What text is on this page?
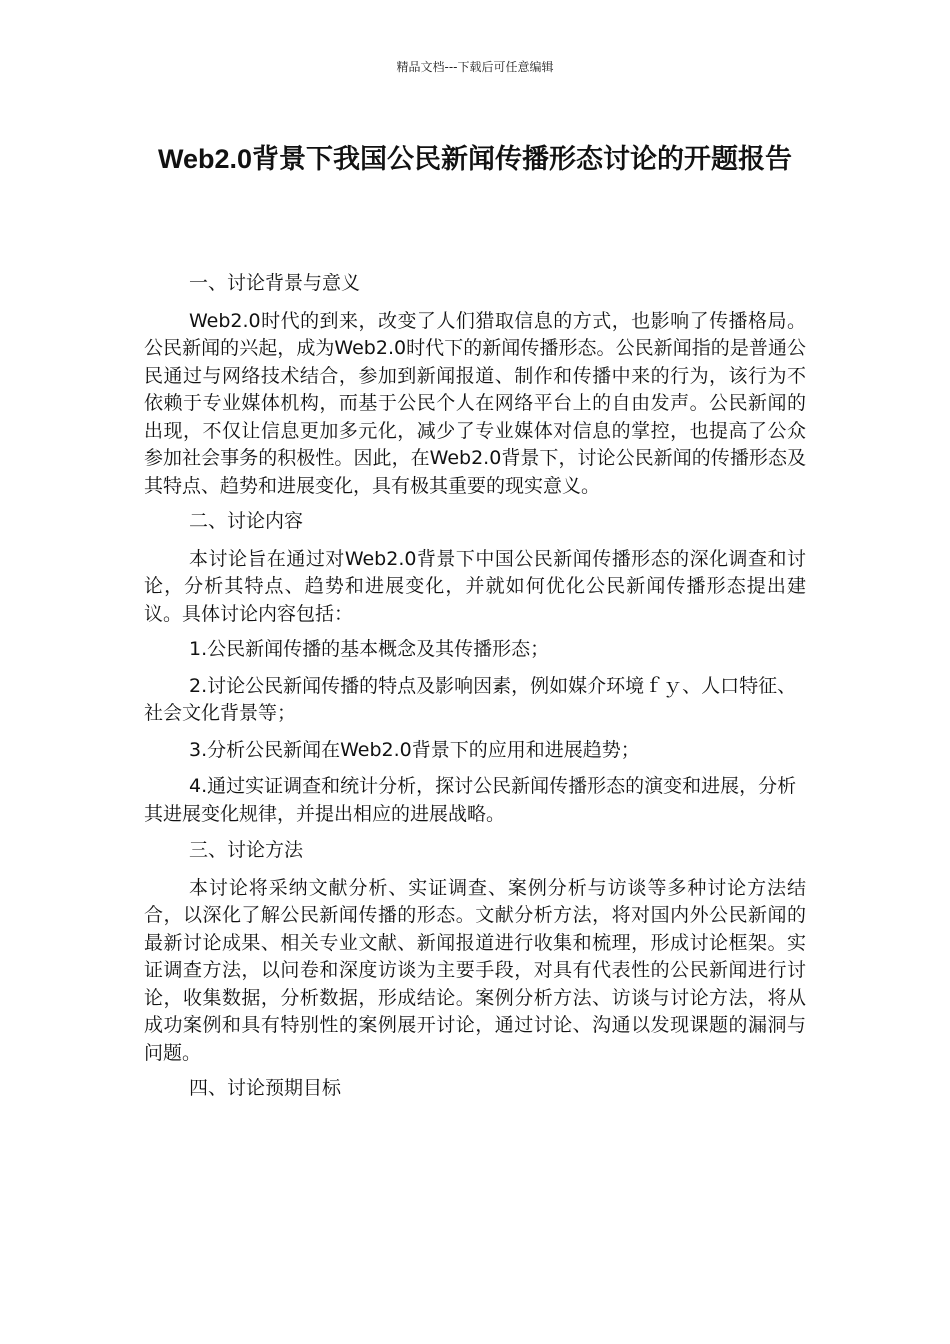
精品文档---下载后可任意编辑
Web2.0背景下我国公民新闻传播形态讨论的开题报告

一、讨论背景与意义

Web2.0时代的到来，改变了人们猎取信息的方式，也影响了传播格局。公民新闻的兴起，成为Web2.0时代下的新闻传播形态。公民新闻指的是普通公民通过与网络技术结合，参加到新闻报道、制作和传播中来的行为，该行为不依赖于专业媒体机构，而基于公民个人在网络平台上的自由发声。公民新闻的出现，不仅让信息更加多元化，减少了专业媒体对信息的掌控，也提高了公众参加社会事务的积极性。因此，在Web2.0背景下，讨论公民新闻的传播形态及其特点、趋势和进展变化，具有极其重要的现实意义。

二、讨论内容

本讨论旨在通过对Web2.0背景下中国公民新闻传播形态的深化调查和讨论，分析其特点、趋势和进展变化，并就如何优化公民新闻传播形态提出建议。具体讨论内容包括：

1.公民新闻传播的基本概念及其传播形态；

2.讨论公民新闻传播的特点及影响因素，例如媒介环境ｆｙ、人口特征、社会文化背景等；

3.分析公民新闻在Web2.0背景下的应用和进展趋势；

4.通过实证调查和统计分析，探讨公民新闻传播形态的演变和进展，分析其进展变化规律，并提出相应的进展战略。

三、讨论方法

本讨论将采纳文献分析、实证调查、案例分析与访谈等多种讨论方法结合，以深化了解公民新闻传播的形态。文献分析方法，将对国内外公民新闻的最新讨论成果、相关专业文献、新闻报道进行收集和梳理，形成讨论框架。实证调查方法，以问卷和深度访谈为主要手段，对具有代表性的公民新闻进行讨论，收集数据，分析数据，形成结论。案例分析方法、访谈与讨论方法，将从成功案例和具有特别性的案例展开讨论，通过讨论、沟通以发现课题的漏洞与问题。

四、讨论预期目标
